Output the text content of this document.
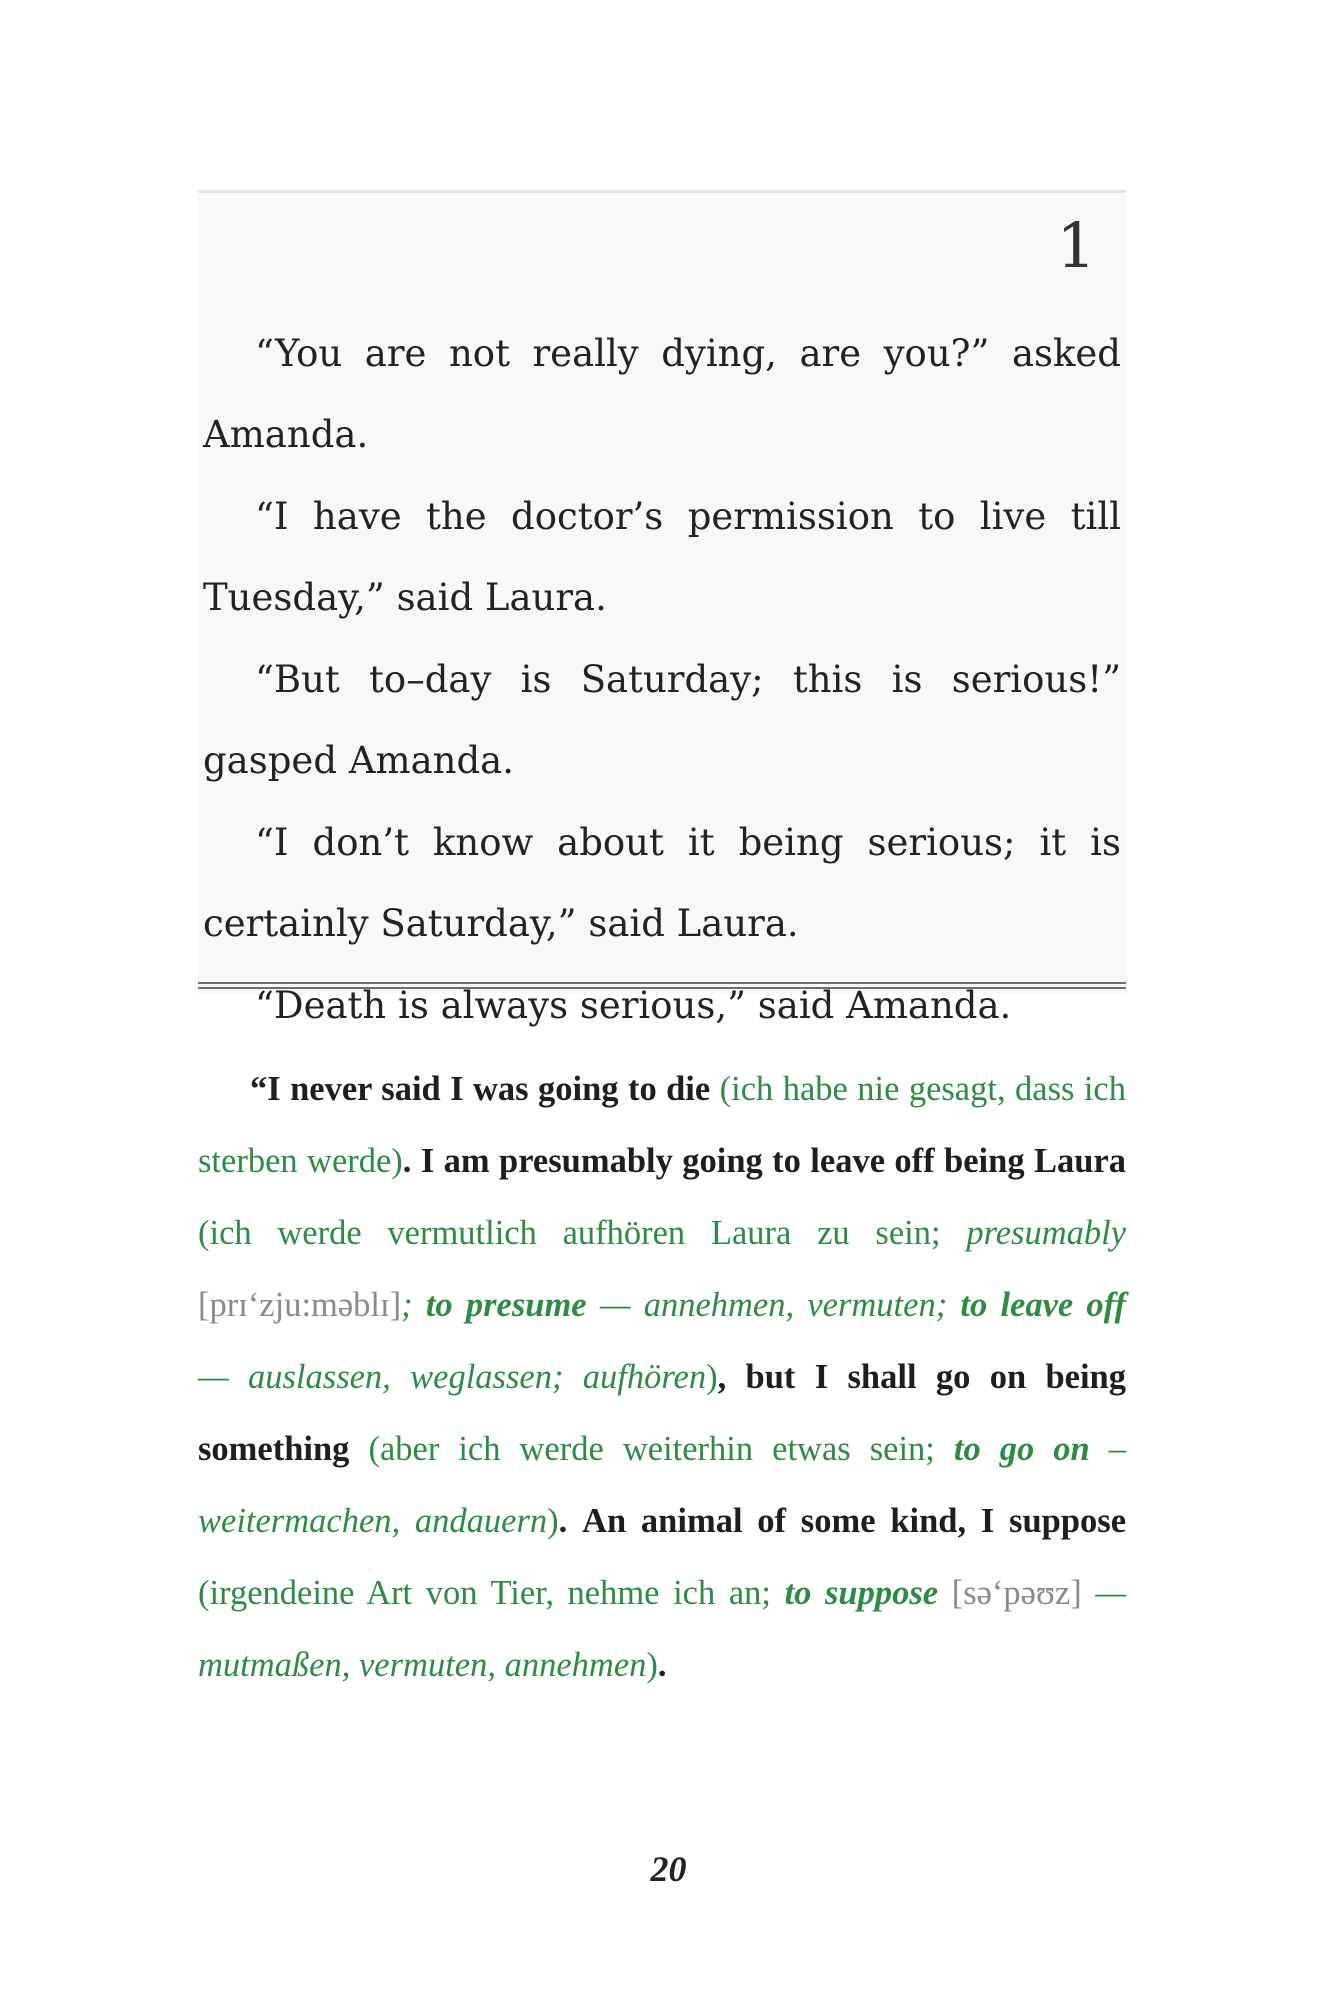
1

“You are not really dying, are you?” asked Amanda.

“I have the doctor’s permission to live till Tuesday,” said Laura.

“But to–day is Saturday; this is serious!” gasped Amanda.

“I don’t know about it being serious; it is certainly Saturday,” said Laura.

“Death is always serious,” said Amanda.

“I never said I was going to die (ich habe nie gesagt, dass ich sterben werde). I am presumably going to leave off being Laura (ich werde vermutlich aufhören Laura zu sein; presumably [prɪ‘zju:məblɪ]; to presume — annehmen, vermuten; to leave off — auslassen, weglassen; aufhören), but I shall go on being something (aber ich werde weiterhin etwas sein; to go on – weitermachen, andauern). An animal of some kind, I suppose (irgendeine Art von Tier, nehme ich an; to suppose [sə‘pəʊz] — mutmaßen, vermuten, annehmen).

20
